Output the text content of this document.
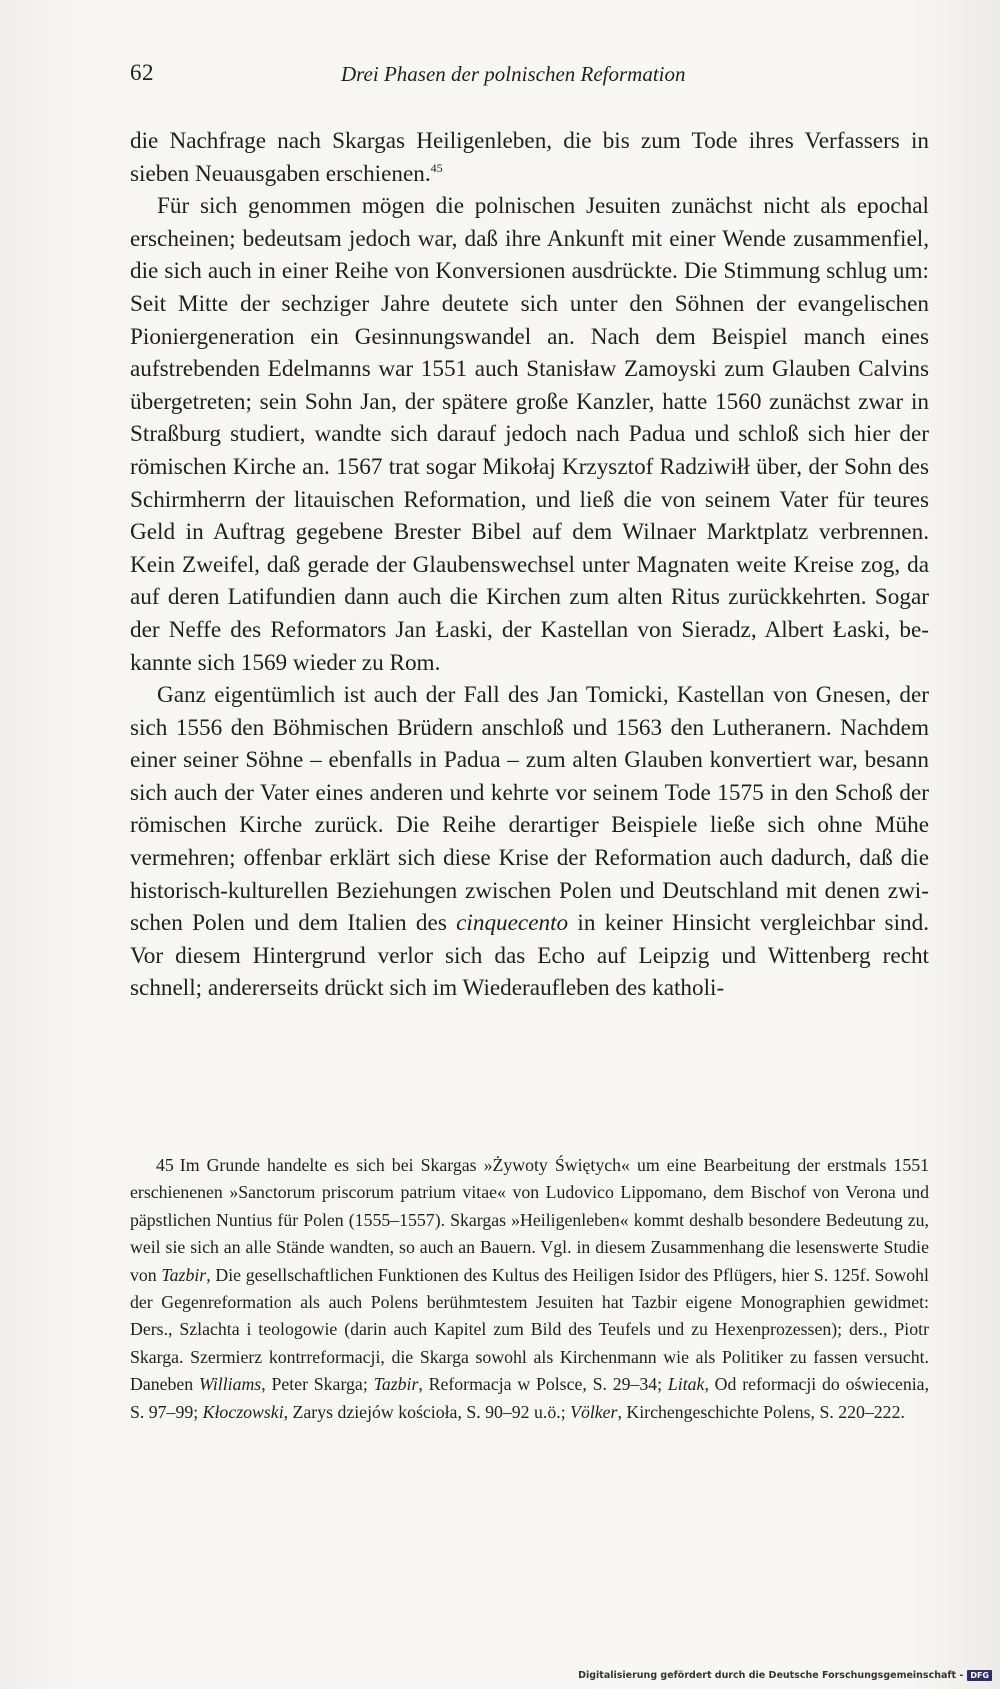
62	Drei Phasen der polnischen Reformation

die Nachfrage nach Skargas Heiligenleben, die bis zum Tode ihres Verfassers in sieben Neuausgaben erschienen.$^{45}$

Für sich genommen mögen die polnischen Jesuiten zunächst nicht als epochal erscheinen; bedeutsam jedoch war, daß ihre Ankunft mit einer Wende zusammenfiel, die sich auch in einer Reihe von Konversionen ausdrückte. Die Stimmung schlug um: Seit Mitte der sechziger Jahre deutete sich unter den Söhnen der evangelischen Pioniergeneration ein Gesinnungswandel an. Nach dem Beispiel manch eines aufstrebenden Edelmanns war 1551 auch Stanisław Zamoyski zum Glauben Calvins übergetreten; sein Sohn Jan, der spätere große Kanzler, hatte 1560 zunächst zwar in Straßburg studiert, wandte sich darauf jedoch nach Padua und schloß sich hier der römischen Kirche an. 1567 trat sogar Mikołaj Krzysztof Radziwiłł über, der Sohn des Schirmherrn der litauischen Reformation, und ließ die von seinem Vater für teures Geld in Auftrag gegebene Brester Bibel auf dem Wilnaer Marktplatz verbrennen. Kein Zweifel, daß gerade der Glaubenswechsel unter Magnaten weite Kreise zog, da auf deren Latifundien dann auch die Kirchen zum alten Ritus zurückkehrten. Sogar der Neffe des Reformators Jan Łaski, der Kastellan von Sieradz, Albert Łaski, bekannte sich 1569 wieder zu Rom.

Ganz eigentümlich ist auch der Fall des Jan Tomicki, Kastellan von Gnesen, der sich 1556 den Böhmischen Brüdern anschloß und 1563 den Lutheranern. Nachdem einer seiner Söhne – ebenfalls in Padua – zum alten Glauben konvertiert war, besann sich auch der Vater eines anderen und kehrte vor seinem Tode 1575 in den Schoß der römischen Kirche zurück. Die Reihe derartiger Beispiele ließe sich ohne Mühe vermehren; offenbar erklärt sich diese Krise der Reformation auch dadurch, daß die historisch-kulturellen Beziehungen zwischen Polen und Deutschland mit denen zwischen Polen und dem Italien des cinquecento in keiner Hinsicht vergleichbar sind. Vor diesem Hintergrund verlor sich das Echo auf Leipzig und Wittenberg recht schnell; andererseits drückt sich im Wiederaufleben des katholi-

45 Im Grunde handelte es sich bei Skargas »Żywoty Świętych« um eine Bearbeitung der erstmals 1551 erschienenen »Sanctorum priscorum patrium vitae« von Ludovico Lippomano, dem Bischof von Verona und päpstlichen Nuntius für Polen (1555–1557). Skargas »Heiligenleben« kommt deshalb besondere Bedeutung zu, weil sie sich an alle Stände wandten, so auch an Bauern. Vgl. in diesem Zusammenhang die lesenswerte Studie von Tazbir, Die gesellschaftlichen Funktionen des Kultus des Heiligen Isidor des Pflügers, hier S. 125f. Sowohl der Gegenreformation als auch Polens berühmtestem Jesuiten hat Tazbir eigene Monographien gewidmet: Ders., Szlachta i teologowie (darin auch Kapitel zum Bild des Teufels und zu Hexenprozessen); ders., Piotr Skarga. Szermierz kontrreformacji, die Skarga sowohl als Kirchenmann wie als Politiker zu fassen versucht. Daneben Williams, Peter Skarga; Tazbir, Reformacja w Polsce, S. 29–34; Litak, Od reformacji do oświecenia, S. 97–99; Kłoczowski, Zarys dziejów kościoła, S. 90–92 u.ö.; Völker, Kirchengeschichte Polens, S. 220–222.

Digitalisierung gefördert durch die Deutsche Forschungsgemeinschaft - DFG
